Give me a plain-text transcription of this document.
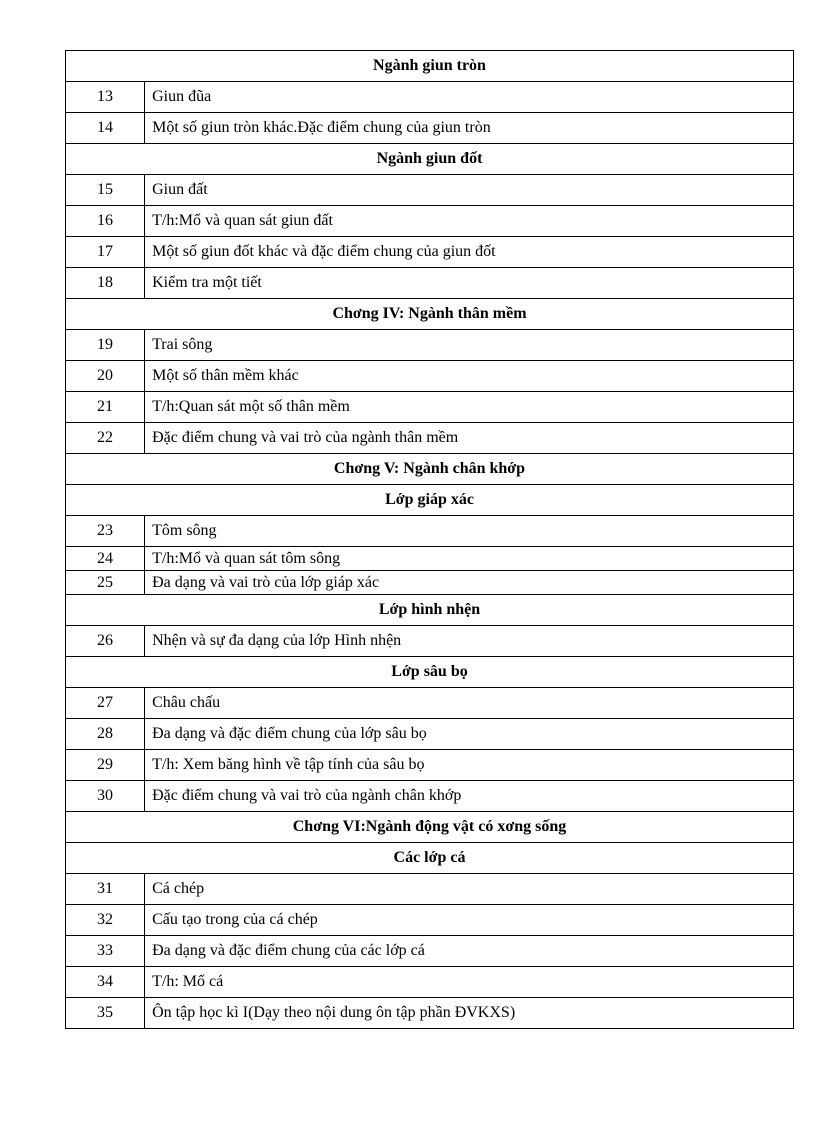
Ngành giun tròn	
13	Giun đũa
14	Một số giun tròn khác.Đặc điểm chung của giun tròn
Ngành giun đốt	
15	Giun đất
16	T/h:Mổ và quan sát giun đất
17	Một số giun đốt khác và đặc điểm chung của giun đốt
18	Kiểm tra một tiết
Chơng IV: Ngành thân mềm	
19	Trai sông
20	Một số thân mềm khác
21	T/h:Quan sát một số thân mềm
22	Đặc điểm chung và vai trò của ngành thân mềm
Chơng V: Ngành chân khớp	
Lớp giáp xác	
23	Tôm sông
24	T/h:Mổ và quan sát tôm sông
25	Đa dạng và vai trò của lớp giáp xác
Lớp hình nhện	
26	Nhện và sự đa dạng của lớp Hình nhện
Lớp sâu bọ	
27	Châu chấu
28	Đa dạng và đặc điểm chung của lớp sâu bọ
29	T/h: Xem băng hình về tập tính của sâu bọ
30	Đặc điểm chung và vai trò của ngành chân khớp
Chơng VI:Ngành động vật có xơng sống	
Các lớp cá	
31	Cá chép
32	Cấu tạo trong của cá chép
33	Đa dạng và đặc điểm chung của các lớp cá
34	T/h: Mổ cá
35	Ôn tập học kì I(Dạy theo nội dung ôn tập phần ĐVKXS)
